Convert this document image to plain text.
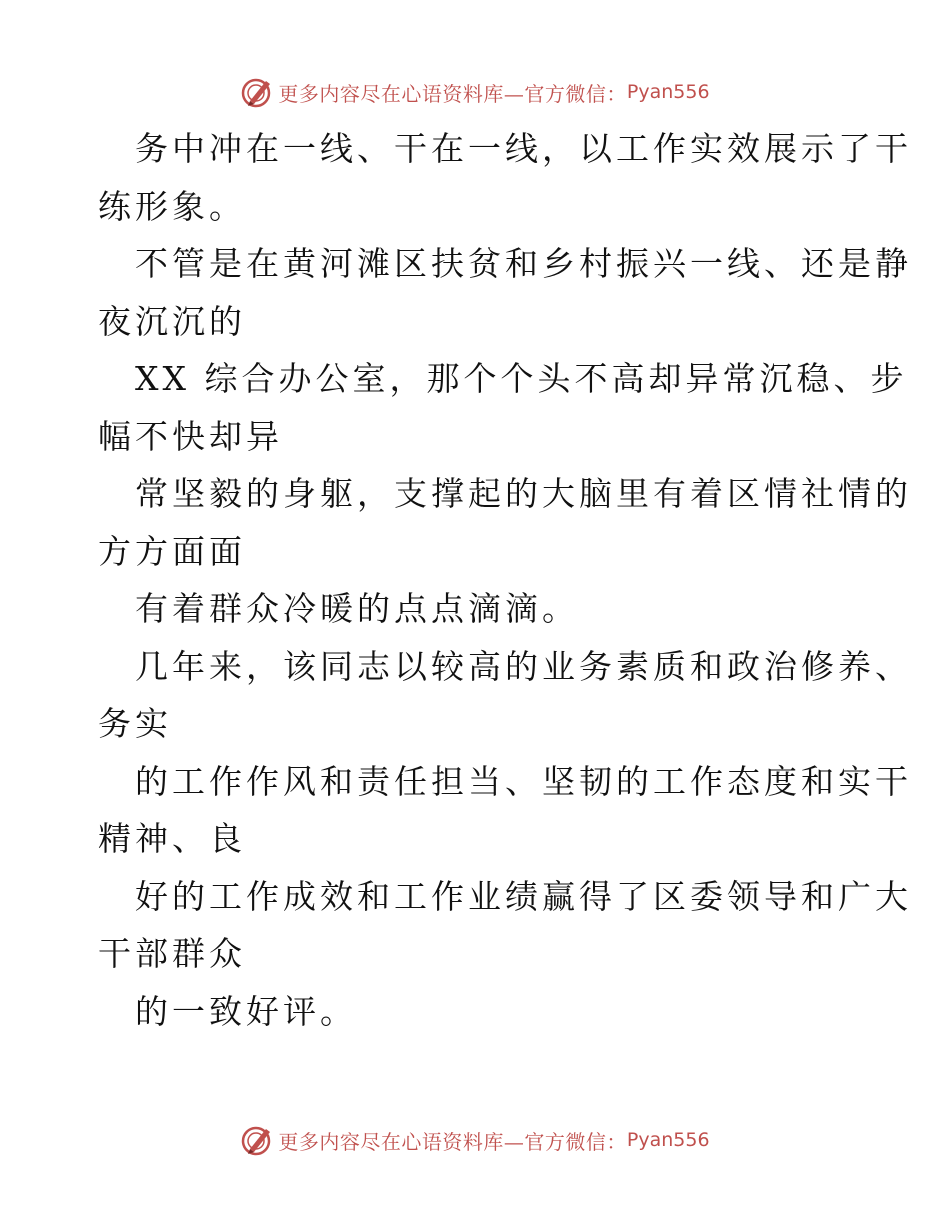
更多内容尽在心语资料库—官方微信： Pyan556
务中冲在一线、干在一线，以工作实效展示了干
练形象。
不管是在黄河滩区扶贫和乡村振兴一线、还是静
夜沉沉的
XX 综合办公室，那个个头不高却异常沉稳、步
幅不快却异
常坚毅的身躯，支撑起的大脑里有着区情社情的
方方面面
有着群众冷暖的点点滴滴。
几年来，该同志以较高的业务素质和政治修养、
务实
的工作作风和责任担当、坚韧的工作态度和实干
精神、良
好的工作成效和工作业绩赢得了区委领导和广大
干部群众
的一致好评。
更多内容尽在心语资料库—官方微信： Pyan556
